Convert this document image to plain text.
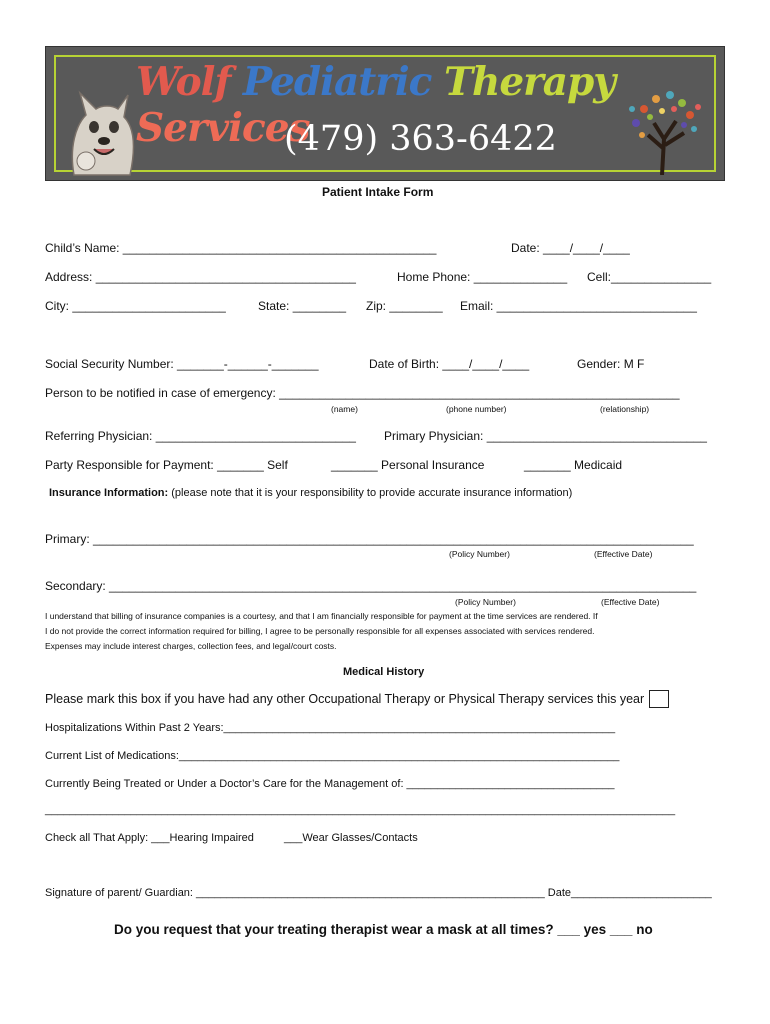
Wolf Pediatric Therapy Services
(479) 363-6422
Patient Intake Form
Child’s Name: _______________________________________________	Date: ____/____/____
Address: _______________________________________	Home Phone: ______________ Cell:_______________
City: _______________________	State: ________ Zip: ________ Email: ______________________________
Social Security Number: _______-______-_______	Date of Birth: ____/____/____	Gender: M F
Person to be notified in case of emergency: ____________________________________________________________
(name)	(phone number)	(relationship)
Referring Physician: ______________________________ Primary Physician: _________________________________
Party Responsible for Payment: _______ Self	_______ Personal Insurance	_______ Medicaid
Insurance Information: (please note that it is your responsibility to provide accurate insurance information)
Primary: __________________________________________________________________________________________
(Policy Number)	(Effective Date)
Secondary: ________________________________________________________________________________________
(Policy Number)	(Effective Date)
I understand that billing of insurance companies is a courtesy, and that I am financially responsible for payment at the time services are rendered. If
I do not provide the correct information required for billing, I agree to be personally responsible for all expenses associated with services rendered.
Expenses may include interest charges, collection fees, and legal/court costs.
Medical History
Please mark this box if you have had any other Occupational Therapy or Physical Therapy services this year
Hospitalizations Within Past 2 Years:________________________________________________________________
Current List of Medications:________________________________________________________________________
Currently Being Treated or Under a Doctor’s Care for the Management of: __________________________________
_______________________________________________________________________________________________________
Check all That Apply: ___Hearing Impaired	___Wear Glasses/Contacts
Signature of parent/ Guardian: _________________________________________________________ Date_______________________
Do you request that your treating therapist wear a mask at all times? ___ yes ___ no
